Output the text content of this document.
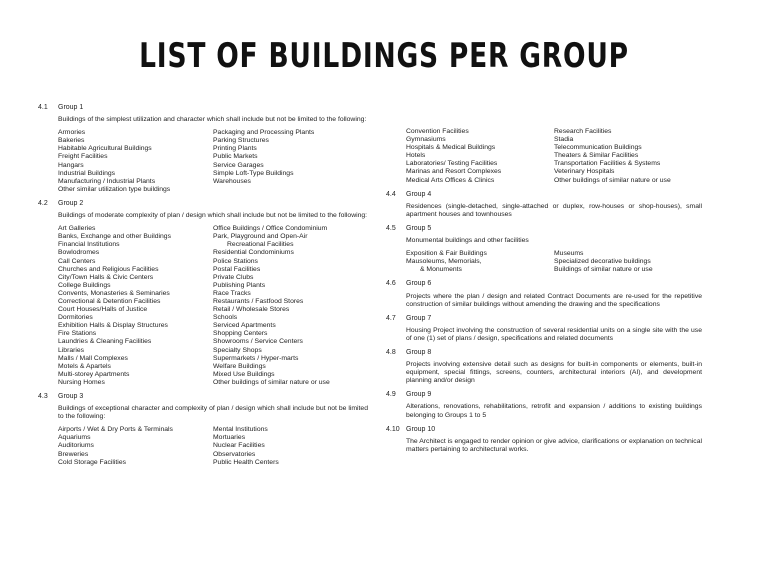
LIST OF BUILDINGS PER GROUP
4.1 Group 1
Buildings of the simplest utilization and character which shall include but not be limited to the following:
Armories
Bakeries
Habitable Agricultural Buildings
Freight Facilities
Hangars
Industrial Buildings
Manufacturing / Industrial Plants
Other similar utilization type buildings
Packaging and Processing Plants
Parking Structures
Printing Plants
Public Markets
Service Garages
Simple Loft-Type Buildings
Warehouses
4.2 Group 2
Buildings of moderate complexity of plan / design which shall include but not be limited to the following:
Art Galleries
Banks, Exchange and other Buildings
Financial Institutions
Bowlodromes
Call Centers
Churches and Religious Facilities
City/Town Halls & Civic Centers
College Buildings
Convents, Monasteries & Seminaries
Correctional & Detention Facilities
Court Houses/Halls of Justice
Dormitories
Exhibition Halls & Display Structures
Fire Stations
Laundries & Cleaning Facilities
Libraries
Malls / Mall Complexes
Motels & Apartels
Multi-storey Apartments
Nursing Homes
Office Buildings / Office Condominium
Park, Playground and Open-Air
Recreational Facilities
Residential Condominiums
Police Stations
Postal Facilities
Private Clubs
Publishing Plants
Race Tracks
Restaurants / Fastfood Stores
Retail / Wholesale Stores
Schools
Serviced Apartments
Shopping Centers
Showrooms / Service Centers
Specialty Shops
Supermarkets / Hyper-marts
Welfare Buildings
Mixed Use Buildings
Other buildings of similar nature or use
4.3 Group 3
Buildings of exceptional character and complexity of plan / design which shall include but not be limited to the following:
Airports / Wet & Dry Ports & Terminals
Aquariums
Auditoriums
Breweries
Cold Storage Facilities
Mental Institutions
Mortuaries
Nuclear Facilities
Observatories
Public Health Centers
Convention Facilities
Gymnasiums
Hospitals & Medical Buildings
Hotels
Laboratories/ Testing Facilities
Marinas and Resort Complexes
Medical Arts Offices & Clinics
Research Facilities
Stadia
Telecommunication Buildings
Theaters & Similar Facilities
Transportation Facilities & Systems
Veterinary Hospitals
Other buildings of similar nature or use
4.4 Group 4
Residences (single-detached, single-attached or duplex, row-houses or shop-houses), small apartment houses and townhouses
4.5 Group 5
Monumental buildings and other facilities
Exposition & Fair Buildings
Mausoleums, Memorials,
& Monuments
Museums
Specialized decorative buildings
Buildings of similar nature or use
4.6 Group 6
Projects where the plan / design and related Contract Documents are re-used for the repetitive construction of similar buildings without amending the drawing and the specifications
4.7 Group 7
Housing Project involving the construction of several residential units on a single site with the use of one (1) set of plans / design, specifications and related documents
4.8 Group 8
Projects involving extensive detail such as designs for built-in components or elements, built-in equipment, special fittings, screens, counters, architectural interiors (AI), and development planning and/or design
4.9 Group 9
Alterations, renovations, rehabilitations, retrofit and expansion / additions to existing buildings belonging to Groups 1 to 5
4.10 Group 10
The Architect is engaged to render opinion or give advice, clarifications or explanation on technical matters pertaining to architectural works.
